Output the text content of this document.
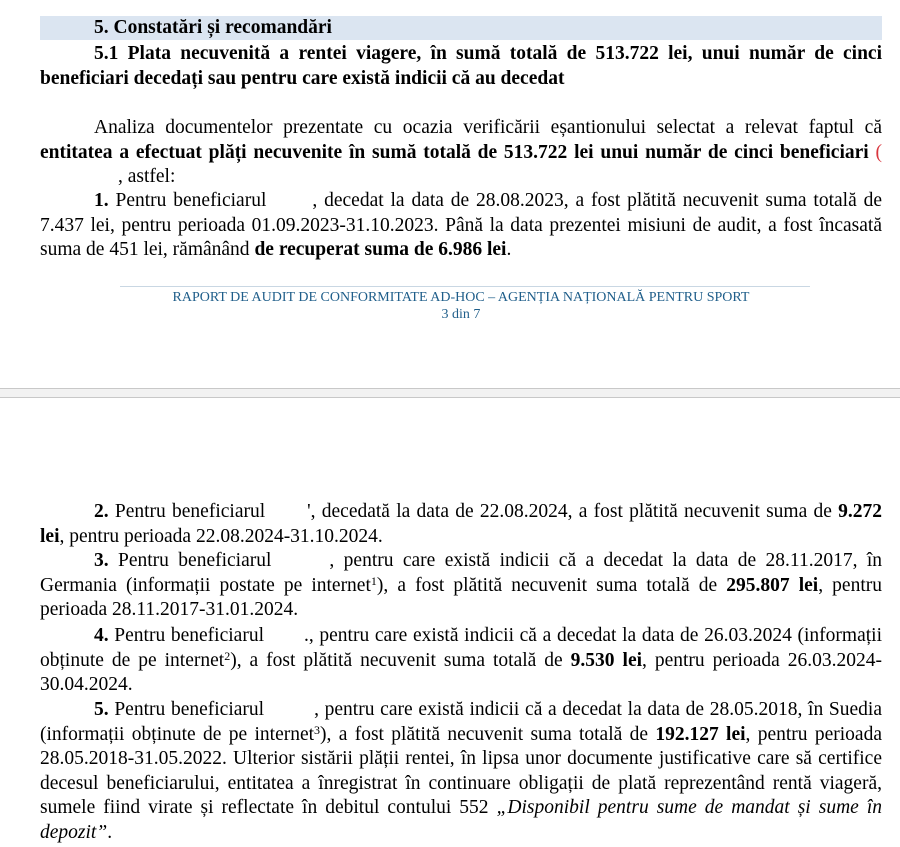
5. Constatări și recomandări

5.1 Plata necuvenită a rentei viagere, în sumă totală de 513.722 lei, unui număr de cinci beneficiari decedați sau pentru care există indicii că au decedat

Analiza documentelor prezentate cu ocazia verificării eșantionului selectat a relevat faptul că entitatea a efectuat plăți necuvenite în sumă totală de 513.722 lei unui număr de cinci beneficiari (, astfel:

1. Pentru beneficiarul , decedat la data de 28.08.2023, a fost plătită necuvenit suma totală de 7.437 lei, pentru perioada 01.09.2023-31.10.2023. Până la data prezentei misiuni de audit, a fost încasată suma de 451 lei, rămânând de recuperat suma de 6.986 lei.

RAPORT DE AUDIT DE CONFORMITATE AD-HOC – AGENȚIA NAȚIONALĂ PENTRU SPORT
3 din 7

2. Pentru beneficiarul ', decedată la data de 22.08.2024, a fost plătită necuvenit suma de 9.272 lei, pentru perioada 22.08.2024-31.10.2024.

3. Pentru beneficiarul	, pentru care există indicii că a decedat la data de 28.11.2017, în Germania (informații postate pe internet$^1$), a fost plătită necuvenit suma totală de 295.807 lei, pentru perioada 28.11.2017-31.01.2024.

4. Pentru beneficiarul ., pentru care există indicii că a decedat la data de 26.03.2024 (informații obținute de pe internet$^2$), a fost plătită necuvenit suma totală de 9.530 lei, pentru perioada 26.03.2024-30.04.2024.

5. Pentru beneficiarul	, pentru care există indicii că a decedat la data de 28.05.2018, în Suedia (informații obținute de pe internet$^3$), a fost plătită necuvenit suma totală de 192.127 lei, pentru perioada 28.05.2018-31.05.2022. Ulterior sistării plății rentei, în lipsa unor documente justificative care să certifice decesul beneficiarului, entitatea a înregistrat în continuare obligații de plată reprezentând rentă viageră, sumele fiind virate și reflectate în debitul contului 552 „Disponibil pentru sume de mandat și sume în depozit”.
